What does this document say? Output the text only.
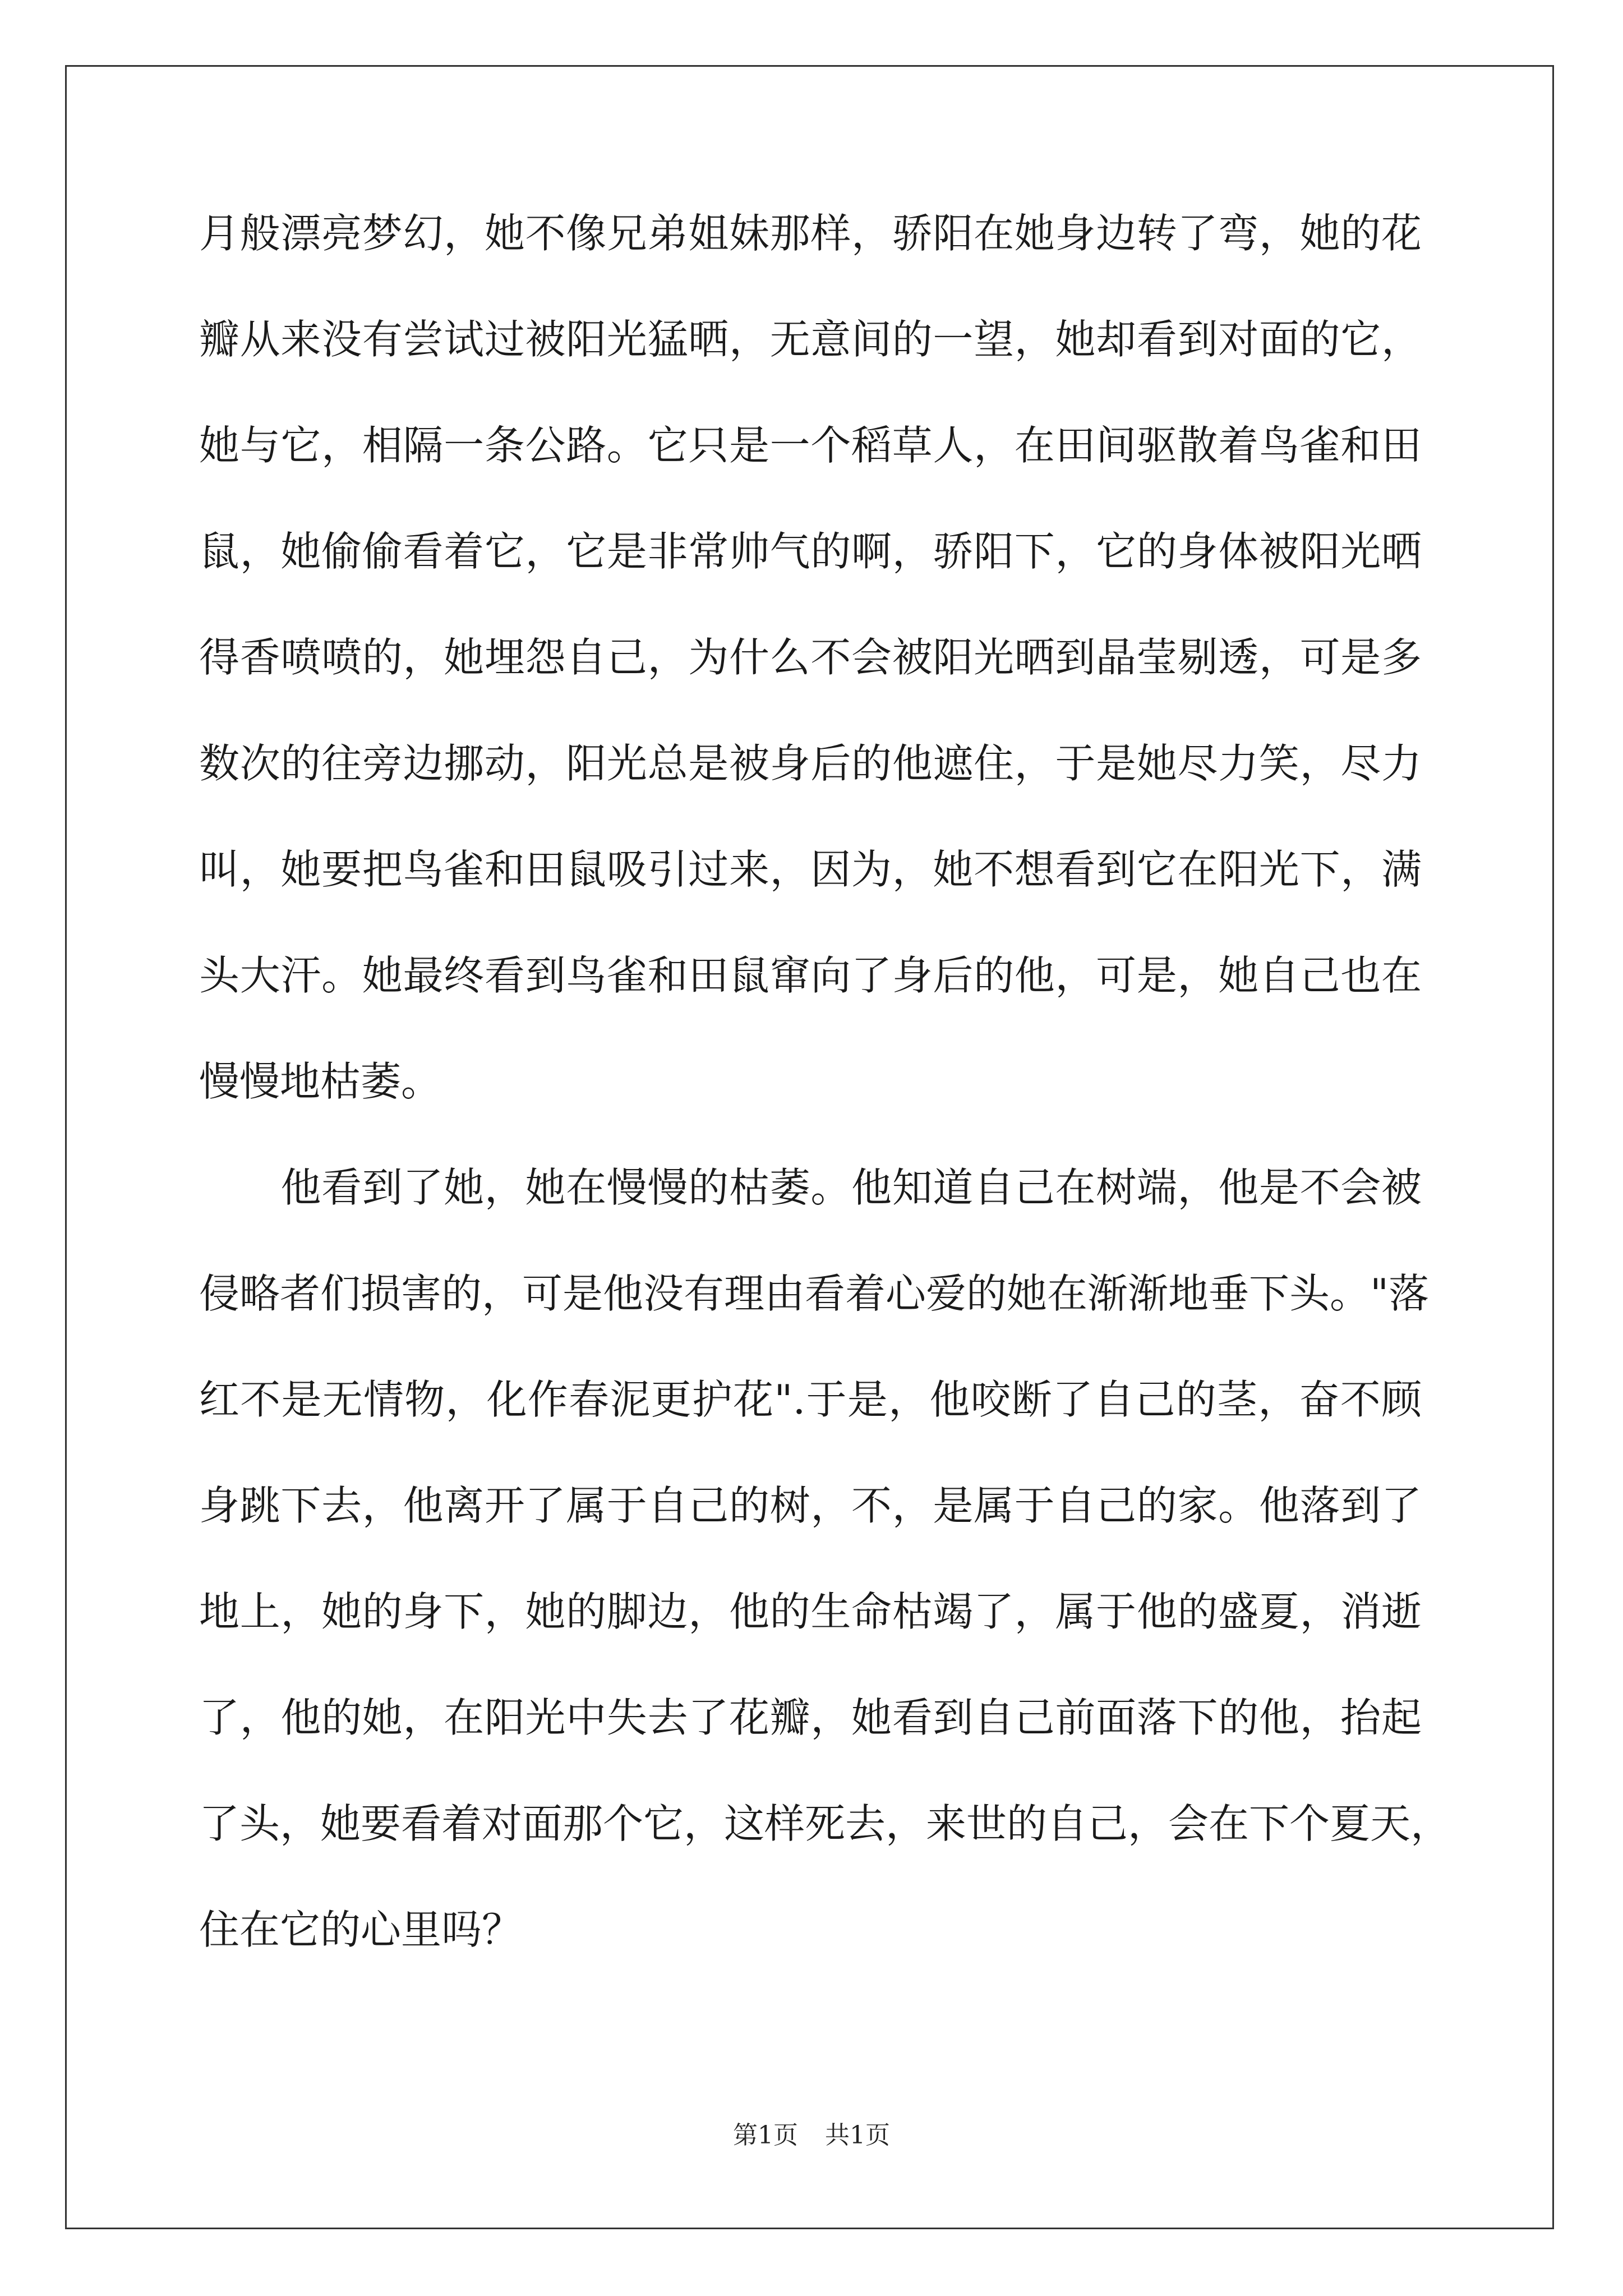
月般漂亮梦幻，她不像兄弟姐妹那样，骄阳在她身边转了弯，她的花
瓣从来没有尝试过被阳光猛晒，无意间的一望，她却看到对面的它，
她与它，相隔一条公路。它只是一个稻草人，在田间驱散着鸟雀和田
鼠，她偷偷看着它，它是非常帅气的啊，骄阳下，它的身体被阳光晒
得香喷喷的，她埋怨自己，为什么不会被阳光晒到晶莹剔透，可是多
数次的往旁边挪动，阳光总是被身后的他遮住，于是她尽力笑，尽力
叫，她要把鸟雀和田鼠吸引过来，因为，她不想看到它在阳光下，满
头大汗。她最终看到鸟雀和田鼠窜向了身后的他，可是，她自己也在
慢慢地枯萎。
　　他看到了她，她在慢慢的枯萎。他知道自己在树端，他是不会被
侵略者们损害的，可是他没有理由看着心爱的她在渐渐地垂下头。"落
红不是无情物，化作春泥更护花".于是，他咬断了自己的茎，奋不顾
身跳下去，他离开了属于自己的树，不，是属于自己的家。他落到了
地上，她的身下，她的脚边，他的生命枯竭了，属于他的盛夏，消逝
了，他的她，在阳光中失去了花瓣，她看到自己前面落下的他，抬起
了头，她要看着对面那个它，这样死去，来世的自己，会在下个夏天，
住在它的心里吗？
第1页 共1页
